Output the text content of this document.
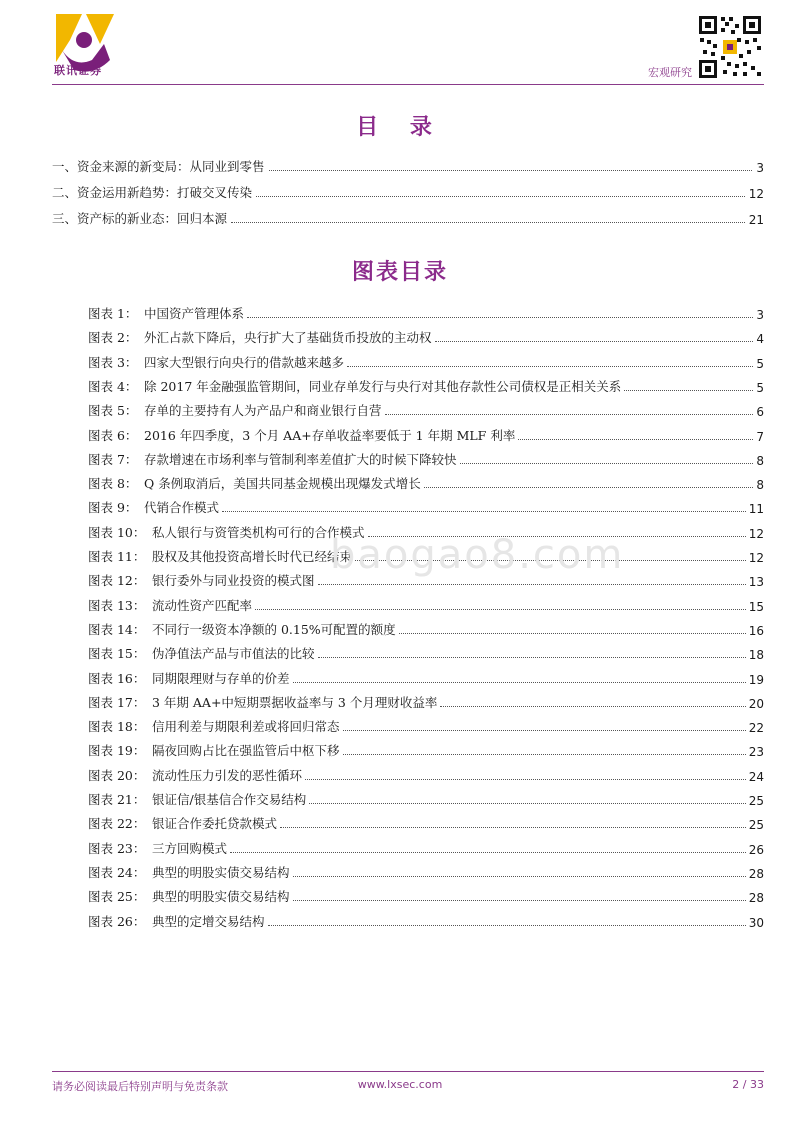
联讯证券	宏观研究
目 录
一、资金来源的新变局：从同业到零售	3
二、资金运用新趋势：打破交叉传染	12
三、资产标的新业态：回归本源	21
图表目录
图表 1： 中国资产管理体系	3
图表 2： 外汇占款下降后，央行扩大了基础货币投放的主动权	4
图表 3： 四家大型银行向央行的借款越来越多	5
图表 4： 除 2017 年金融强监管期间，同业存单发行与央行对其他存款性公司债权是正相关关系	5
图表 5： 存单的主要持有人为产品户和商业银行自营	6
图表 6： 2016 年四季度，3 个月 AA+存单收益率要低于 1 年期 MLF 利率	7
图表 7： 存款增速在市场利率与管制利率差值扩大的时候下降较快	8
图表 8： Q 条例取消后，美国共同基金规模出现爆发式增长	8
图表 9： 代销合作模式	11
图表 10： 私人银行与资管类机构可行的合作模式	12
图表 11： 股权及其他投资高增长时代已经结束	12
图表 12： 银行委外与同业投资的模式图	13
图表 13： 流动性资产匹配率	15
图表 14： 不同行一级资本净额的 0.15%可配置的额度	16
图表 15： 伪净值法产品与市值法的比较	18
图表 16： 同期限理财与存单的价差	19
图表 17： 3 年期 AA+中短期票据收益率与 3 个月理财收益率	20
图表 18： 信用利差与期限利差或将回归常态	22
图表 19： 隔夜回购占比在强监管后中枢下移	23
图表 20： 流动性压力引发的恶性循环	24
图表 21： 银证信/银基信合作交易结构	25
图表 22： 银证合作委托贷款模式	25
图表 23： 三方回购模式	26
图表 24： 典型的明股实债交易结构	28
图表 25： 典型的明股实债交易结构	28
图表 26： 典型的定增交易结构	30
baogao8.com
请务必阅读最后特别声明与免责条款	www.lxsec.com	2 / 33
